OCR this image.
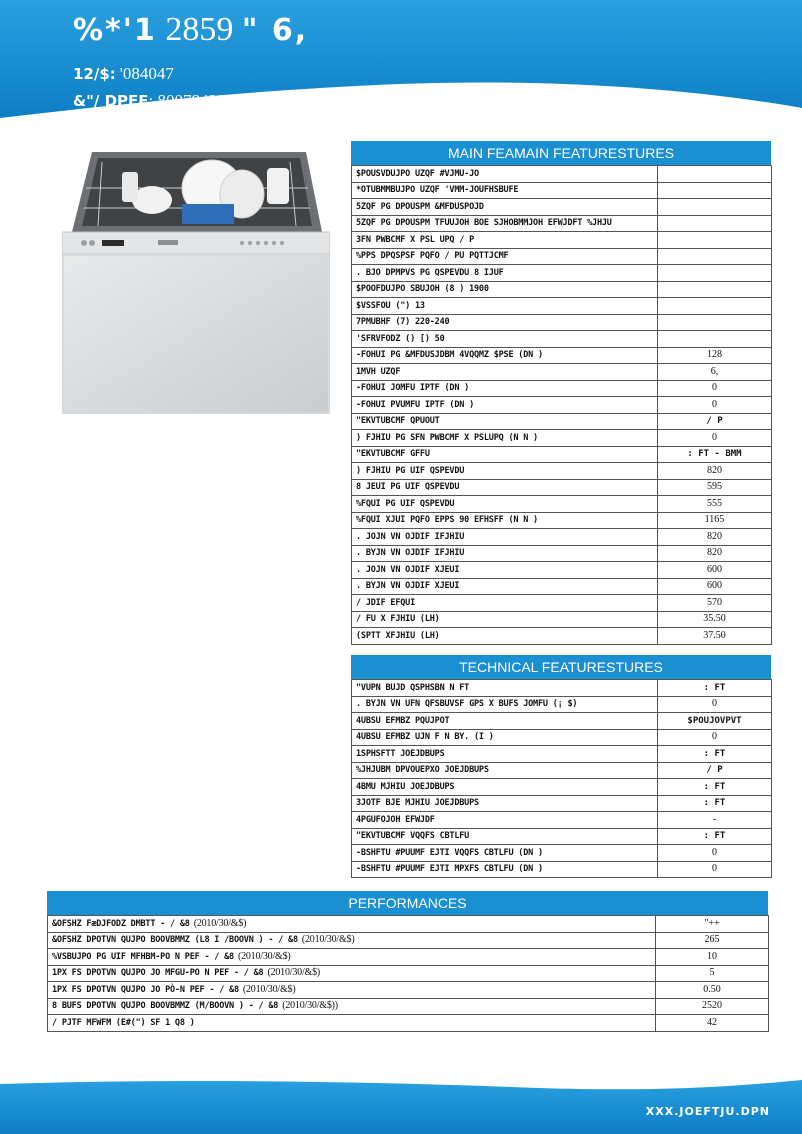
%*'1 2859 " 6,
12/$: '084047
&"/ DPEF: 8007842840476
MAIN FEAMAIN FEATURESTURES
$POUSVDUJPO UZQF #VJMU-JO	
*OTUBMMBUJPO UZQF 'VMM-JOUFHSBUFE	
5ZQF PG DPOUSPM &MFDUSPOJD	
5ZQF PG DPOUSPM TFUUJOH BOE SJHOBMMJOH EFWJDFT %JHJU	
3FN PWBCMF X PSL UPQ / P	
%PPS DPQSPSF PQFO / PU PQTTJCMF	
. BJO DPMPVS PG QSPEVDU 8 IJUF	
$POOFDUJPO SBUJOH (8 ) 1900	
$VSSFOU (") 13	
7PMUBHF (7) 220-240	
'SFRVFODZ () [) 50	
-FOHUI PG &MFDUSJDBM 4VQQMZ $PSE (DN )	128
1MVH UZQF	6,
-FOHUI JOMFU IPTF (DN )	0
-FOHUI PVUMFU IPTF (DN )	0
"EKVTUBCMF QPUOUT	/ P
) FJHIU PG SFN PWBCMF X PSLUPQ (N N )	0
"EKVTUBCMF GFFU	: FT - BMM
) FJHIU PG UIF QSPEVDU	820
8 JEUI PG UIF QSPEVDU	595
%FQUI PG UIF QSPEVDU	555
%FQUI XJUI PQFO EPPS 90 EFHSFF (N N )	1165
. JOJN VN OJDIF IFJHIU	820
. BYJN VN OJDIF IFJHIU	820
. JOJN VN OJDIF XJEUI	600
. BYJN VN OJDIF XJEUI	600
/ JDIF EFQUI	570
/ FU X FJHIU (LH)	35.50
(SPTT XFJHIU (LH)	37.50
TECHNICAL FEATURESTURES
"VUPN BUJD QSPHSBN N FT	: FT
. BYJN VN UFN QFSBUVSF GPS X BUFS JOMFU (¡ $)	0
4UBSU EFMBZ PQUJPOT	$POUJOVPVT
4UBSU EFMBZ UJN F N BY. (I )	0
1SPHSFTT JOEJDBUPS	: FT
%JHJUBM DPVOUEPXO JOEJDBUPS	/ P
4BMU MJHIU JOEJDBUPS	: FT
3JOTF BJE MJHIU JOEJDBUPS	: FT
4PGUFOJOH EFWJDF	-
"EKVTUBCMF VQQFS CBTLFU	: FT
-BSHFTU #PUUMF EJTI VQQFS CBTLFU (DN )	0
-BSHFTU #PUUMF EJTI MPXFS CBTLFU (DN )	0
PERFORMANCES
&OFSHZ FæDJFODZ DMBTT - / &8 (2010/30/&$)	"++
&OFSHZ DPOTVN QUJPO BOOVBMMZ (L8 I /BOOVN ) - / &8 (2010/30/&$)	265
%VSBUJPO PG UIF MFHBM-PO N PEF - / &8 (2010/30/&$)	10
1PX FS DPOTVN QUJPO JO MFGU-PO N PEF - / &8 (2010/30/&$)	5
1PX FS DPOTVN QUJPO JO PÒ-N PEF - / &8 (2010/30/&$)	0.50
8 BUFS DPOTVN QUJPO BOOVBMMZ (M/BOOVN ) - / &8 (2010/30/&$))	2520
/ PJTF MFWFM (E#(") SF 1 Q8 )	42
XXX.JOEFTJU.DPN
